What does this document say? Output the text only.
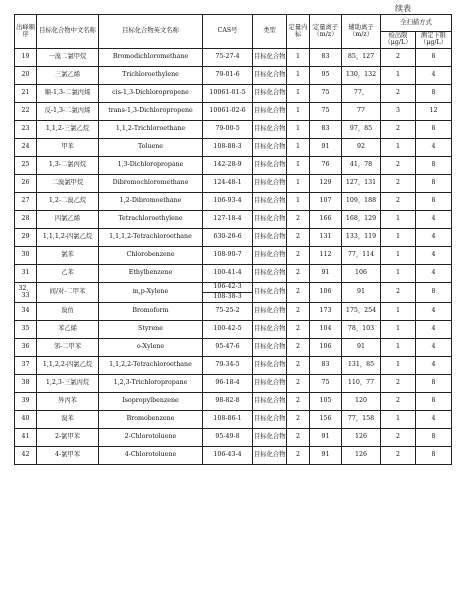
续表
出峰顺序	目标化合物中文名称	目标化合物英文名称	CAS号	类型	定量内标	定量离子（m/z）	辅助离子（m/z）	全扫描方式	
								检出限（μg/L）	测定下限（μg/L）
19	一溴二氯甲烷	Bromodichloromethane	75-27-4	目标化合物	1	83	85，127	2	8
20	三氯乙烯	Trichloroethylene	79-01-6	目标化合物	1	95	130，132	1	4
21	顺-1,3-二氯丙烯	cis-1,3-Dichloropropene	10061-01-5	目标化合物	1	75	77，	2	8
22	反-1,3-二氯丙烯	trans-1,3-Dichloropropene	10061-02-6	目标化合物	1	75	77	3	12
23	1,1,2-三氯乙烷	1,1,2-Trichloroethane	79-00-5	目标化合物	1	83	97，85	2	8
24	甲苯	Toluene	108-88-3	目标化合物	1	91	92	1	4
25	1,3-二氯丙烷	1,3-Dichloropropane	142-28-9	目标化合物	1	76	41，78	2	8
26	二溴氯甲烷	Dibromochloromethane	124-48-1	目标化合物	1	129	127，131	2	8
27	1,2-二溴乙烷	1,2-Dibromoethane	106-93-4	目标化合物	1	107	109，188	2	8
28	四氯乙烯	Tetrachloroethylene	127-18-4	目标化合物	2	166	168，129	1	4
29	1,1,1,2-四氯乙烷	1,1,1,2-Tetrachloroethane	630-20-6	目标化合物	2	131	133，119	1	4
30	氯苯	Chlorobenzene	108-90-7	目标化合物	2	112	77，114	1	4
31	乙苯	Ethylbenzene	100-41-4	目标化合物	2	91	106	1	4
32、33	间/对-二甲苯	m,p-Xylene	106-42-3	目标化合物	2	106	91	2	8
			108-38-3						
34	溴仿	Bromoform	75-25-2	目标化合物	2	173	175，254	1	4
35	苯乙烯	Styrene	100-42-5	目标化合物	2	104	78，103	1	4
36	邻-二甲苯	o-Xylene	95-47-6	目标化合物	2	106	91	1	4
37	1,1,2,2-四氯乙烷	1,1,2,2-Tetrachloroethane	79-34-5	目标化合物	2	83	131，85	1	4
38	1,2,3-三氯丙烷	1,2,3-Trichloropropane	96-18-4	目标化合物	2	75	110，77	2	8
39	异丙苯	Isopropylbenzene	98-82-8	目标化合物	2	105	120	2	8
40	溴苯	Bromobenzene	108-86-1	目标化合物	2	156	77，158	1	4
41	2-氯甲苯	2-Chlorotoluene	95-49-8	目标化合物	2	91	126	2	8
42	4-氯甲苯	4-Chlorotoluene	106-43-4	目标化合物	2	91	126	2	8
